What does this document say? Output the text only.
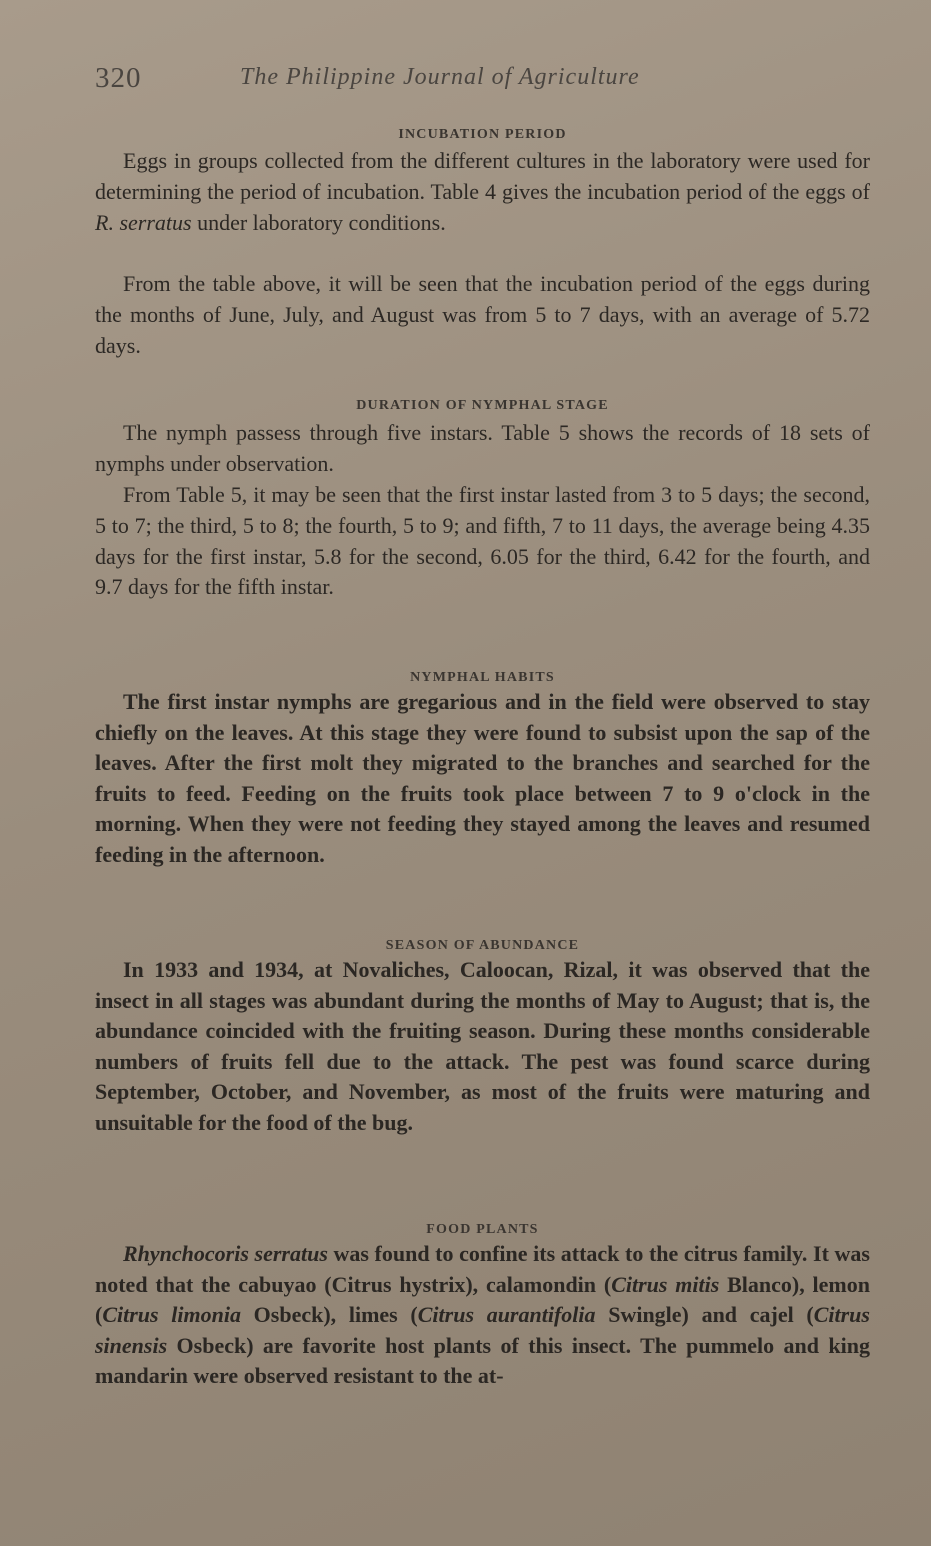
320	The Philippine Journal of Agriculture
INCUBATION PERIOD

Eggs in groups collected from the different cultures in the laboratory were used for determining the period of incubation. Table 4 gives the incubation period of the eggs of R. serratus under laboratory conditions.

From the table above, it will be seen that the incubation period of the eggs during the months of June, July, and August was from 5 to 7 days, with an average of 5.72 days.

DURATION OF NYMPHAL STAGE

The nymph passess through five instars. Table 5 shows the records of 18 sets of nymphs under observation.

From Table 5, it may be seen that the first instar lasted from 3 to 5 days; the second, 5 to 7; the third, 5 to 8; the fourth, 5 to 9; and fifth, 7 to 11 days, the average being 4.35 days for the first instar, 5.8 for the second, 6.05 for the third, 6.42 for the fourth, and 9.7 days for the fifth instar.

NYMPHAL HABITS

The first instar nymphs are gregarious and in the field were observed to stay chiefly on the leaves. At this stage they were found to subsist upon the sap of the leaves. After the first molt they migrated to the branches and searched for the fruits to feed. Feeding on the fruits took place between 7 to 9 o'clock in the morning. When they were not feeding they stayed among the leaves and resumed feeding in the afternoon.

SEASON OF ABUNDANCE

In 1933 and 1934, at Novaliches, Caloocan, Rizal, it was observed that the insect in all stages was abundant during the months of May to August; that is, the abundance coincided with the fruiting season. During these months considerable numbers of fruits fell due to the attack. The pest was found scarce during September, October, and November, as most of the fruits were maturing and unsuitable for the food of the bug.

FOOD PLANTS

Rhynchocoris serratus was found to confine its attack to the citrus family. It was noted that the cabuyao (Citrus hystrix), calamondin (Citrus mitis Blanco), lemon (Citrus limonia Osbeck), limes (Citrus aurantifolia Swingle) and cajel (Citrus sinensis Osbeck) are favorite host plants of this insect. The pummelo and king mandarin were observed resistant to the at-
